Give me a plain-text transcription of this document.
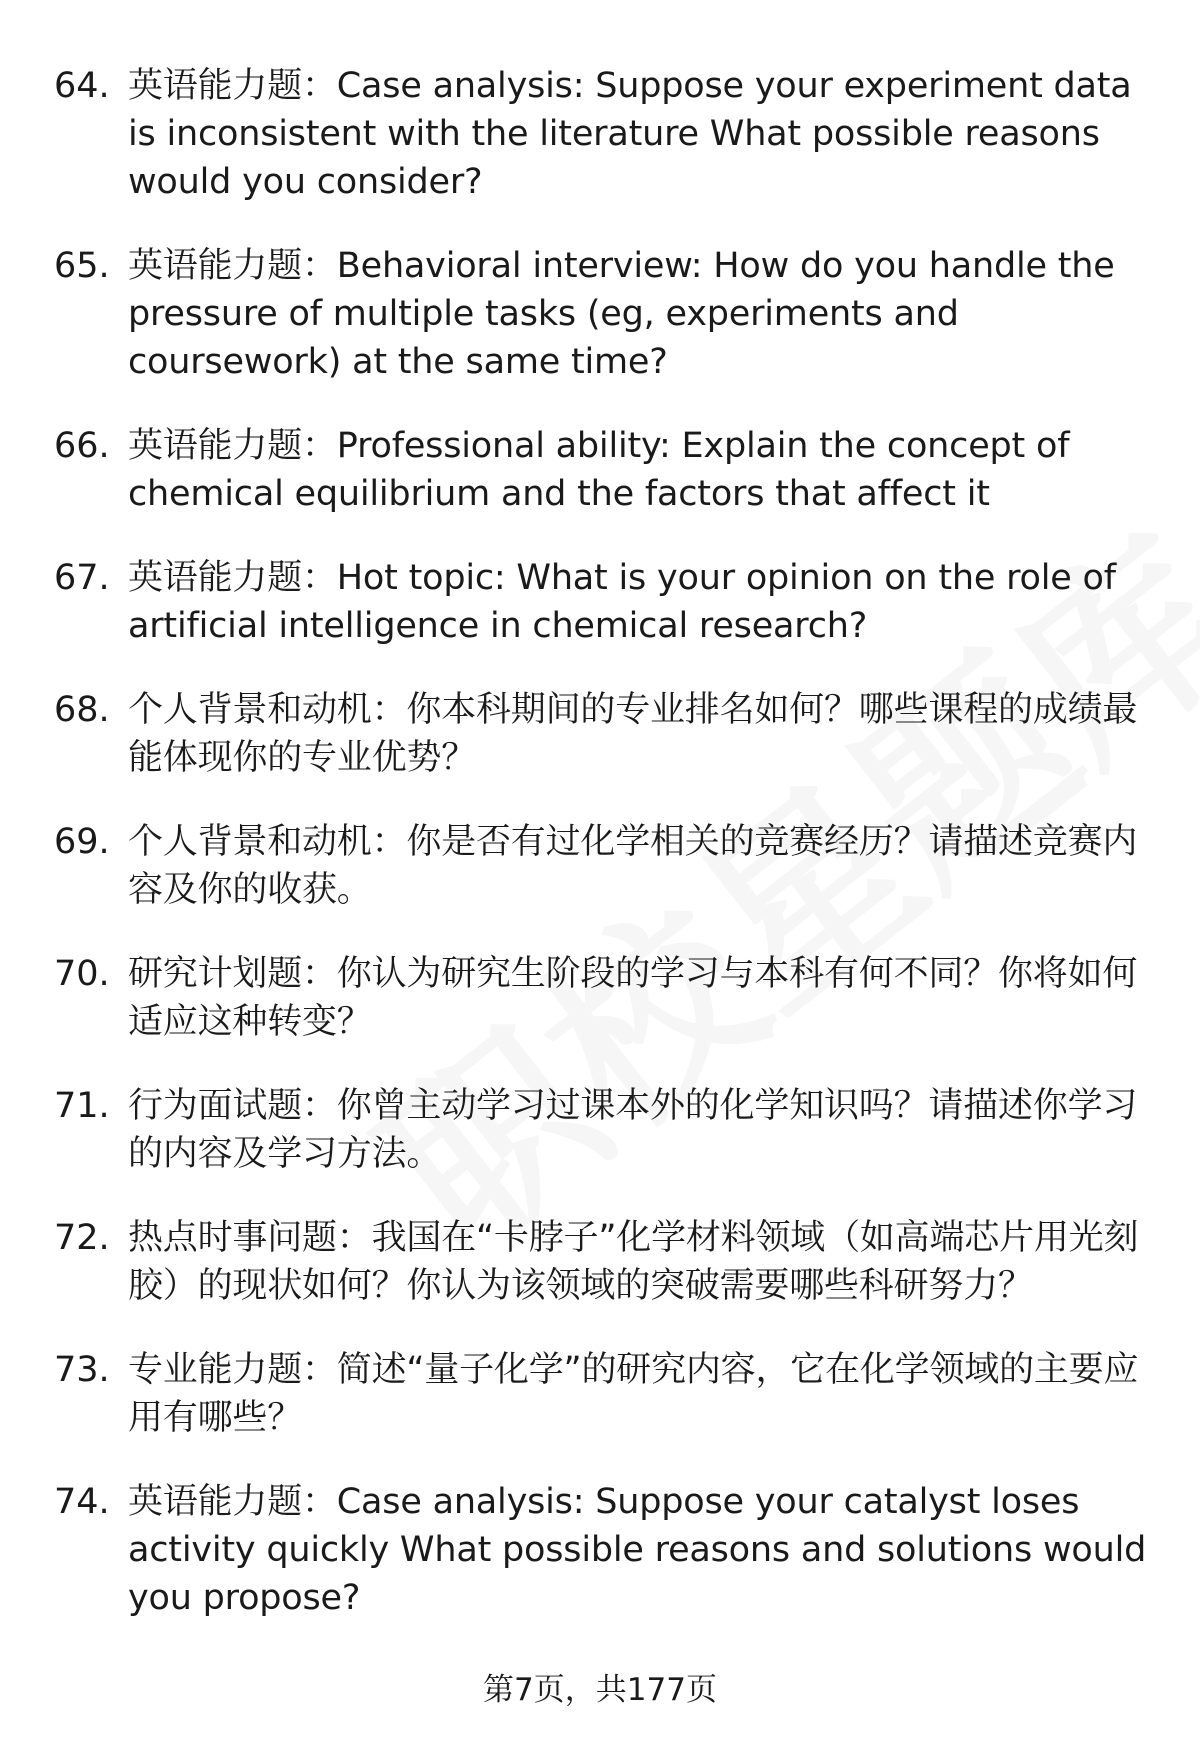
64. 英语能力题：Case analysis: Suppose your experiment data is inconsistent with the literature What possible reasons would you consider?
65. 英语能力题：Behavioral interview: How do you handle the pressure of multiple tasks (eg, experiments and coursework) at the same time?
66. 英语能力题：Professional ability: Explain the concept of chemical equilibrium and the factors that affect it
67. 英语能力题：Hot topic: What is your opinion on the role of artificial intelligence in chemical research?
68. 个人背景和动机：你本科期间的专业排名如何？哪些课程的成绩最能体现你的专业优势？
69. 个人背景和动机：你是否有过化学相关的竞赛经历？请描述竞赛内容及你的收获。
70. 研究计划题：你认为研究生阶段的学习与本科有何不同？你将如何适应这种转变？
71. 行为面试题：你曾主动学习过课本外的化学知识吗？请描述你学习的内容及学习方法。
72. 热点时事问题：我国在“卡脖子”化学材料领域（如高端芯片用光刻胶）的现状如何？你认为该领域的突破需要哪些科研努力？
73. 专业能力题：简述“量子化学”的研究内容，它在化学领域的主要应用有哪些？
74. 英语能力题：Case analysis: Suppose your catalyst loses activity quickly What possible reasons and solutions would you propose?
第7页，共177页
